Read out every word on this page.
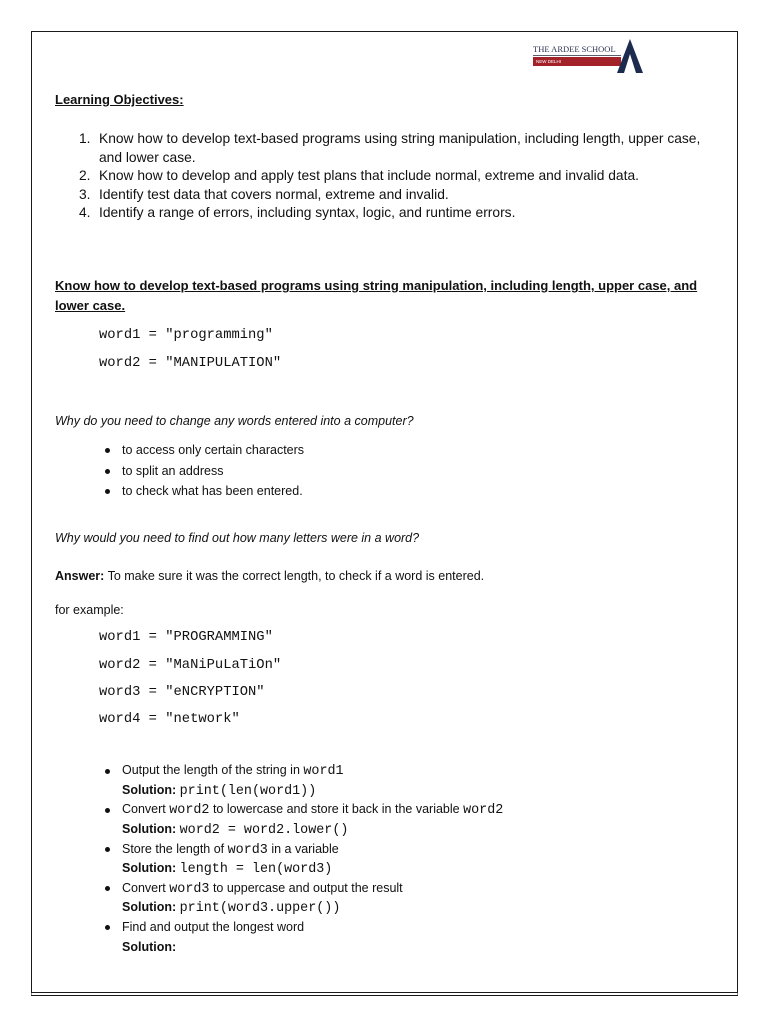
THE ARDEE SCHOOL
NEW DELHI
Learning Objectives:
1. Know how to develop text-based programs using string manipulation, including length, upper case, and lower case.
2. Know how to develop and apply test plans that include normal, extreme and invalid data.
3. Identify test data that covers normal, extreme and invalid.
4. Identify a range of errors, including syntax, logic, and runtime errors.
Know how to develop text-based programs using string manipulation, including length, upper case, and lower case.
word1 = "programming"
word2 = "MANIPULATION"
Why do you need to change any words entered into a computer?
to access only certain characters
to split an address
to check what has been entered.
Why would you need to find out how many letters were in a word?
Answer: To make sure it was the correct length, to check if a word is entered.
for example:
word1 = "PROGRAMMING"
word2 = "MaNiPuLaTiOn"
word3 = "eNCRYPTION"
word4 = "network"
Output the length of the string in word1
Solution: print(len(word1))
Convert word2 to lowercase and store it back in the variable word2
Solution: word2 = word2.lower()
Store the length of word3 in a variable
Solution: length = len(word3)
Convert word3 to uppercase and output the result
Solution: print(word3.upper())
Find and output the longest word
Solution:
